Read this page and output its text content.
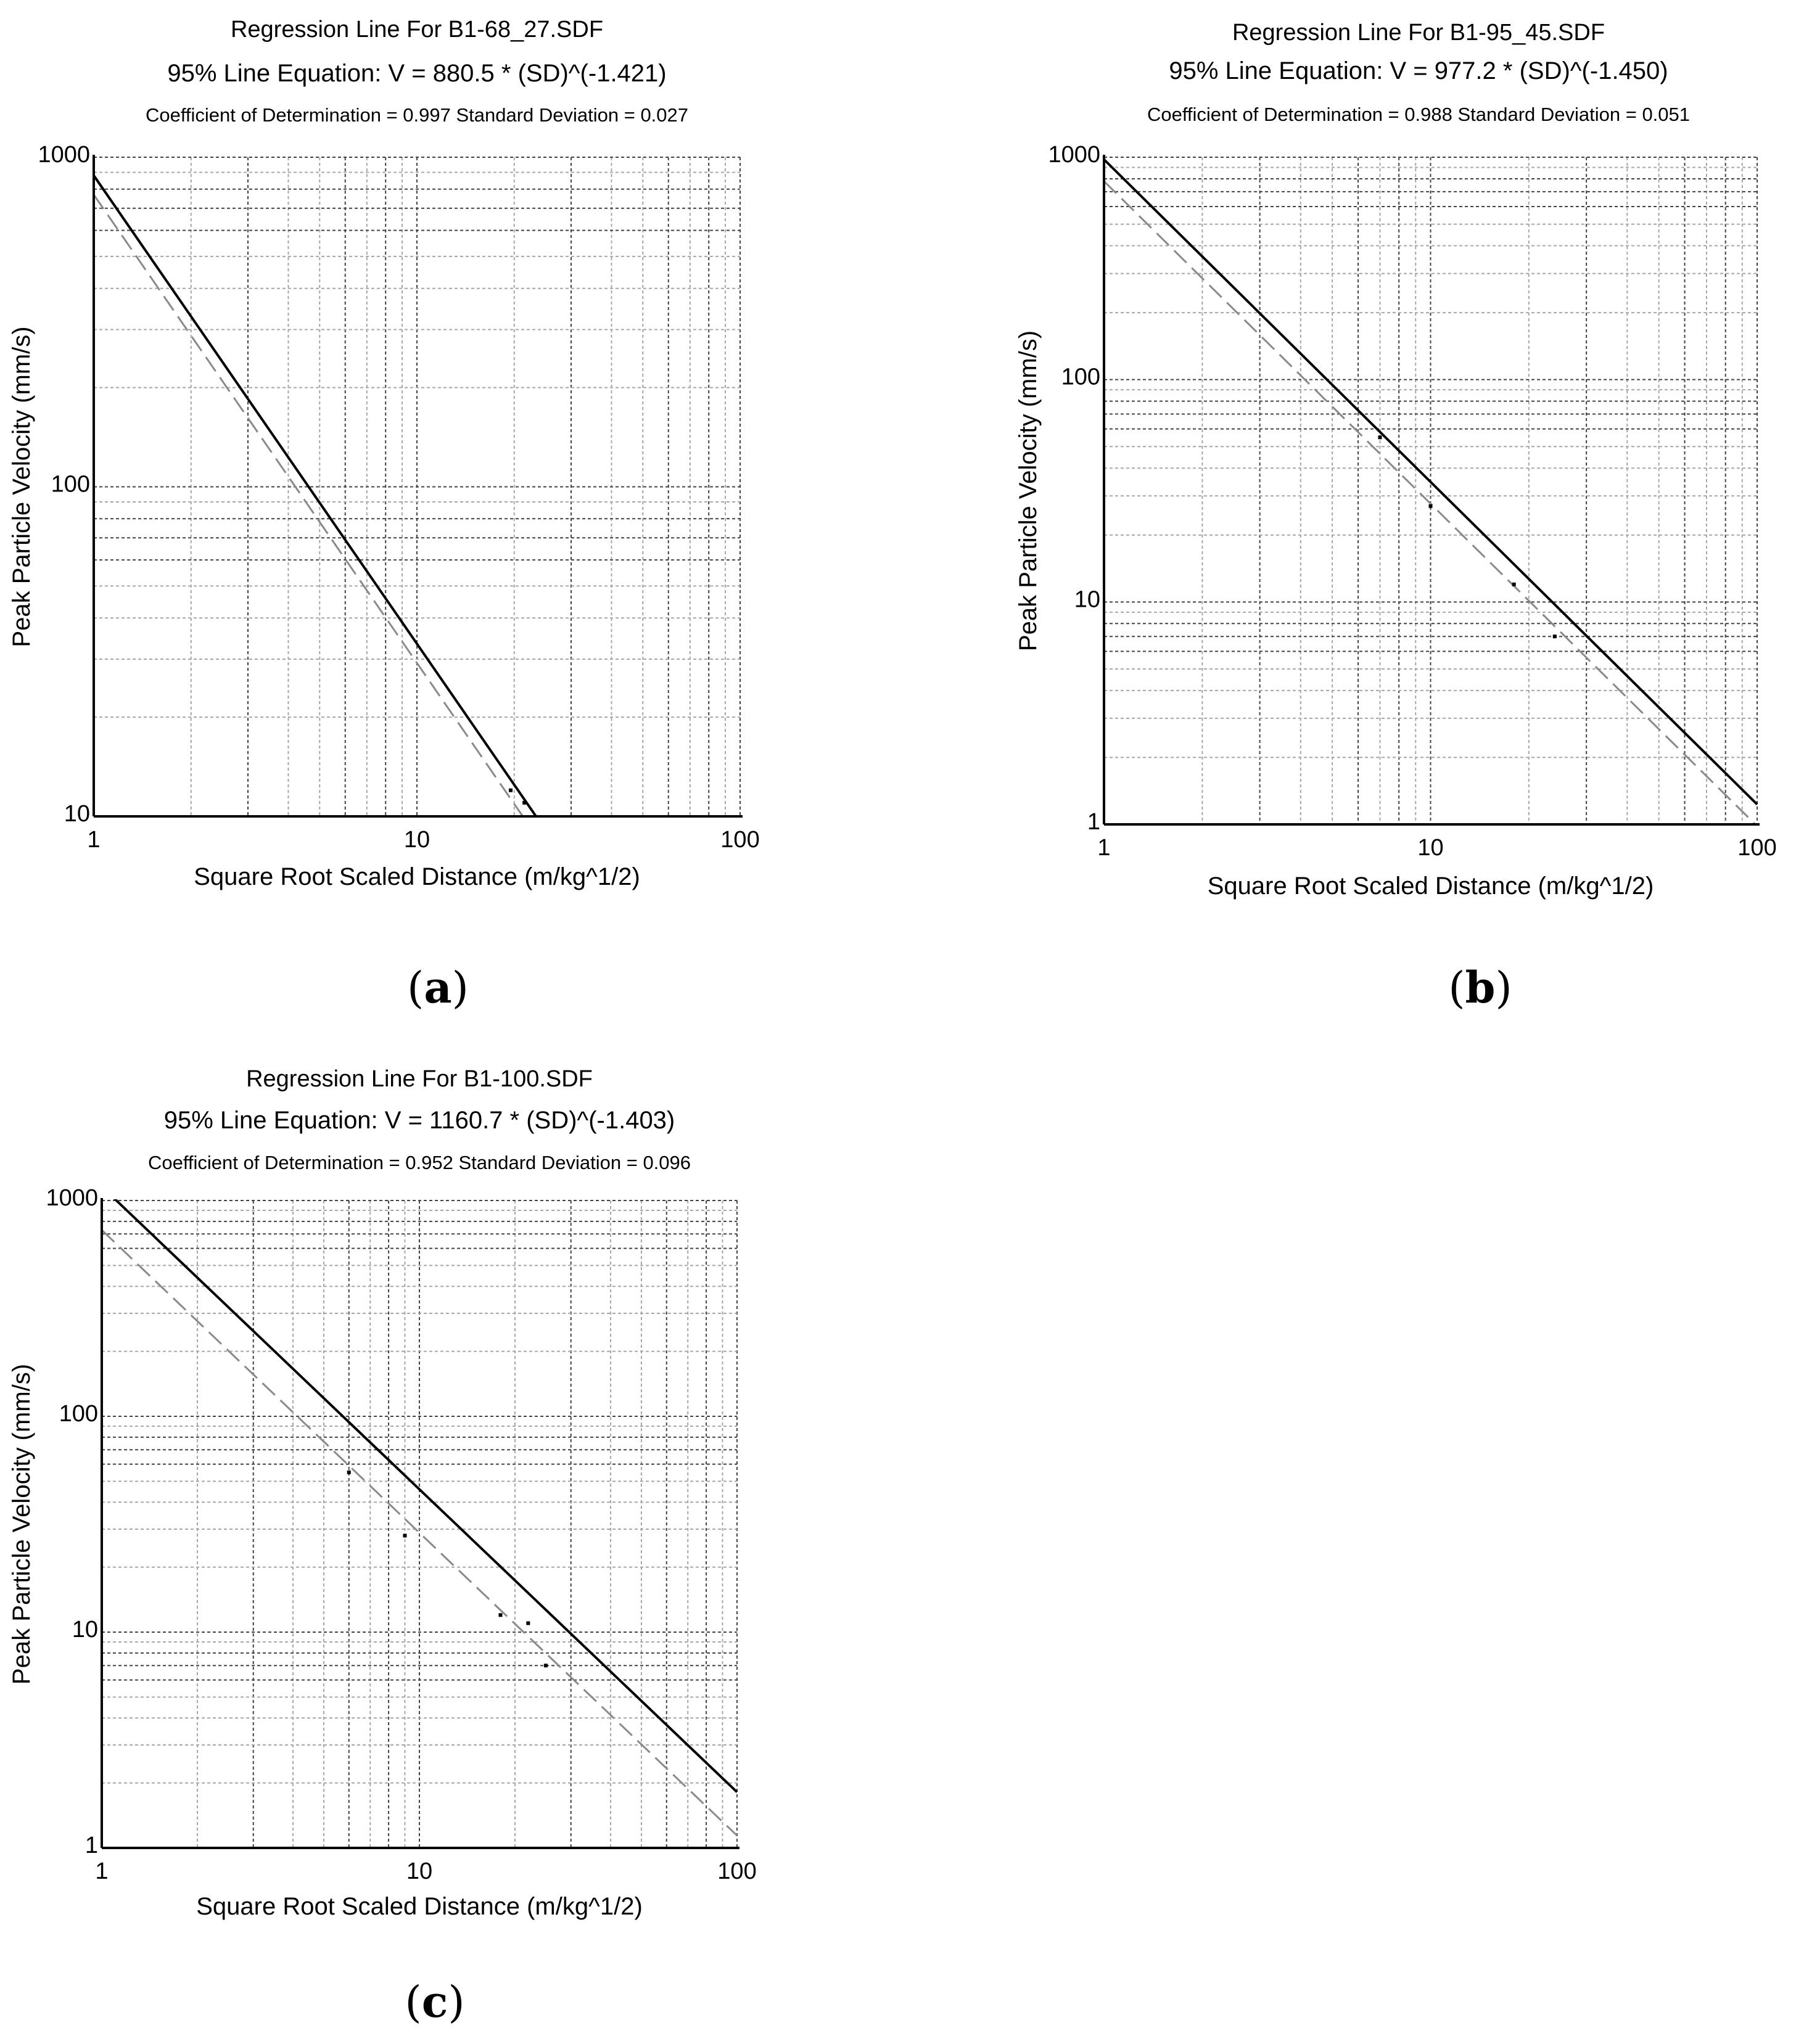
Regression Line For B1-68_27.SDF
95% Line Equation: V = 880.5 * (SD)^(-1.421)
Coefficient of Determination = 0.997 Standard Deviation = 0.027
1	10	100
10
100
1000
Square Root Scaled Distance (m/kg^1/2)
Peak Particle Velocity (mm/s)
(a)
Regression Line For B1-95_45.SDF
95% Line Equation: V = 977.2 * (SD)^(-1.450)
Coefficient of Determination = 0.988 Standard Deviation = 0.051
1	10	100
1
10
100
1000
Square Root Scaled Distance (m/kg^1/2)
Peak Particle Velocity (mm/s)
(b)
Regression Line For B1-100.SDF
95% Line Equation: V = 1160.7 * (SD)^(-1.403)
Coefficient of Determination = 0.952 Standard Deviation = 0.096
1	10	100
1
10
100
1000
Square Root Scaled Distance (m/kg^1/2)
Peak Particle Velocity (mm/s)
(c)
